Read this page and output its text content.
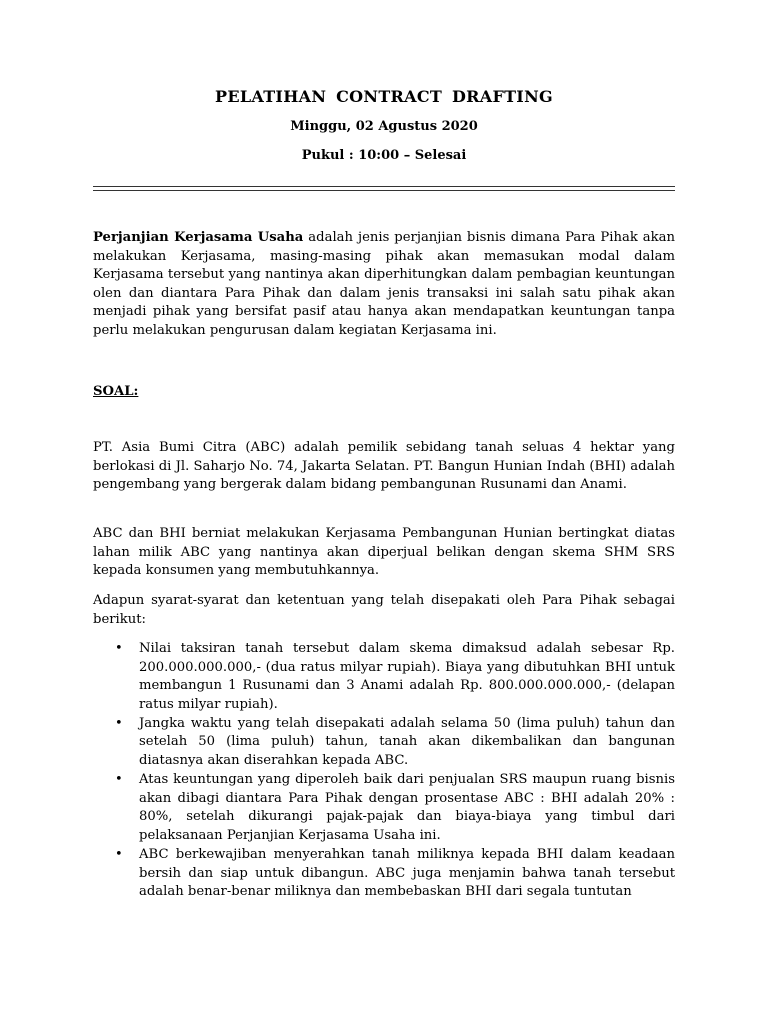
PELATIHAN CONTRACT DRAFTING
Minggu, 02 Agustus 2020
Pukul : 10:00 – Selesai
Perjanjian Kerjasama Usaha adalah jenis perjanjian bisnis dimana Para Pihak akan melakukan Kerjasama, masing-masing pihak akan memasukan modal dalam Kerjasama tersebut yang nantinya akan diperhitungkan dalam pembagian keuntungan olen dan diantara Para Pihak dan dalam jenis transaksi ini salah satu pihak akan menjadi pihak yang bersifat pasif atau hanya akan mendapatkan keuntungan tanpa perlu melakukan pengurusan dalam kegiatan Kerjasama ini.
SOAL:
PT. Asia Bumi Citra (ABC) adalah pemilik sebidang tanah seluas 4 hektar yang berlokasi di Jl. Saharjo No. 74, Jakarta Selatan. PT. Bangun Hunian Indah (BHI) adalah pengembang yang bergerak dalam bidang pembangunan Rusunami dan Anami.
ABC dan BHI berniat melakukan Kerjasama Pembangunan Hunian bertingkat diatas lahan milik ABC yang nantinya akan diperjual belikan dengan skema SHM SRS kepada konsumen yang membutuhkannya.
Adapun syarat-syarat dan ketentuan yang telah disepakati oleh Para Pihak sebagai berikut:
• Nilai taksiran tanah tersebut dalam skema dimaksud adalah sebesar Rp. 200.000.000.000,- (dua ratus milyar rupiah). Biaya yang dibutuhkan BHI untuk membangun 1 Rusunami dan 3 Anami adalah Rp. 800.000.000.000,- (delapan ratus milyar rupiah).
• Jangka waktu yang telah disepakati adalah selama 50 (lima puluh) tahun dan setelah 50 (lima puluh) tahun, tanah akan dikembalikan dan bangunan diatasnya akan diserahkan kepada ABC.
• Atas keuntungan yang diperoleh baik dari penjualan SRS maupun ruang bisnis akan dibagi diantara Para Pihak dengan prosentase ABC : BHI adalah 20% : 80%, setelah dikurangi pajak-pajak dan biaya-biaya yang timbul dari pelaksanaan Perjanjian Kerjasama Usaha ini.
• ABC berkewajiban menyerahkan tanah miliknya kepada BHI dalam keadaan bersih dan siap untuk dibangun. ABC juga menjamin bahwa tanah tersebut adalah benar-benar miliknya dan membebaskan BHI dari segala tuntutan
